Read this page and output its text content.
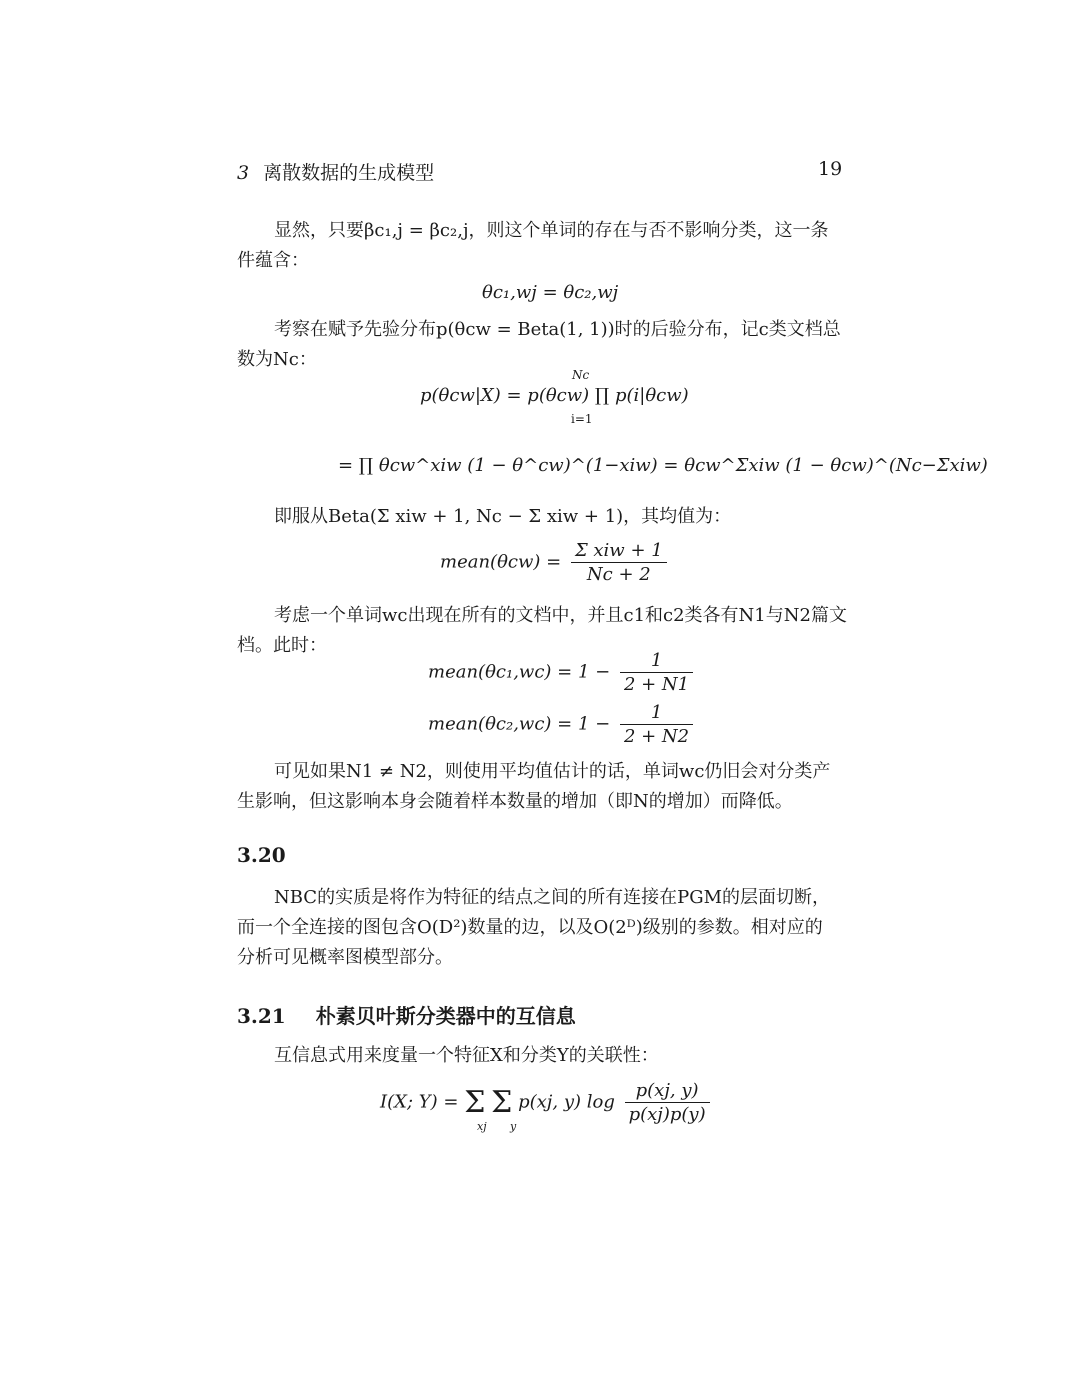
3 离散数据的生成模型	19
显然，只要βc₁,j = βc₂,j，则这个单词的存在与否不影响分类，这一条
件蕴含：
θc₁,wj = θc₂,wj
考察在赋予先验分布p(θcw = Beta(1, 1))时的后验分布，记c类文档总
数为Nc：
Nc
p(θcw|X) = p(θcw) ∏ p(i|θcw)
i=1
= ∏ θcw^xiw (1 − θ^cw)^(1−xiw) = θcw^Σxiw (1 − θcw)^(Nc−Σxiw)
即服从Beta(Σ xiw + 1, Nc − Σ xiw + 1)，其均值为：
mean(θcw) = $\frac{\text{Σ xiw + 1}}{Nc + 2}$
考虑一个单词wc出现在所有的文档中，并且c1和c2类各有N1与N2篇文
档。此时：
mean(θc₁,wc) = $1 - \frac{1}{2 + N1}$
mean(θc₂,wc) = $1 - \frac{1}{2 + N2}$
可见如果N1 ≠ N2，则使用平均值估计的话，单词wc仍旧会对分类产
生影响，但这影响本身会随着样本数量的增加（即N的增加）而降低。
3.20
NBC的实质是将作为特征的结点之间的所有连接在PGM的层面切断，
而一个全连接的图包含O(D²)数量的边，以及O(2ᴰ)级别的参数。相对应的
分析可见概率图模型部分。
3.21 朴素贝叶斯分类器中的互信息
互信息式用来度量一个特征X和分类Y的关联性：
I(X; Y) = Σ Σ p(xj, y) $\log \frac{p(xj, y)}{p(xj)p(y)}$
xj y
